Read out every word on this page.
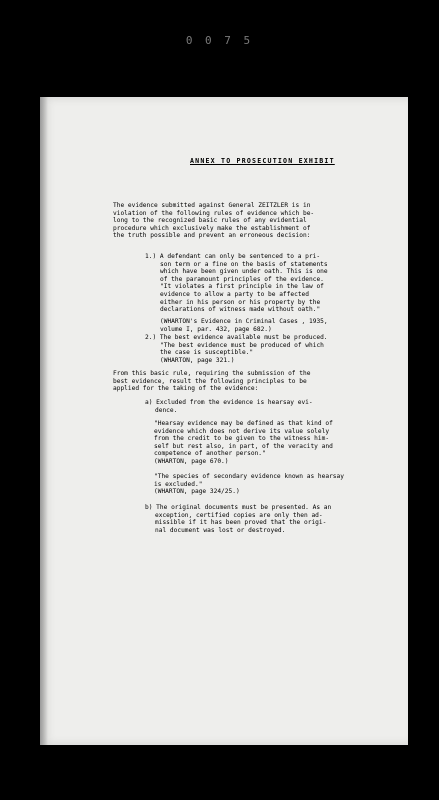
0 0 7 5
ANNEX TO PROSECUTION EXHIBIT
The evidence submitted against General ZEITZLER is in
violation of the following rules of evidence which be-
long to the recognized basic rules of any evidential
procedure which exclusively make the establishment of
the truth possible and prevent an erroneous decision:
1.) A defendant can only be sentenced to a pri-
son term or a fine on the basis of statements
which have been given under oath. This is one
of the paramount principles of the evidence.
"It violates a first principle in the law of
evidence to allow a party to be affected
either in his person or his property by the
declarations of witness made without oath."
(WHARTON's Evidence in Criminal Cases , 1935,
volume I, par. 432, page 682.)
2.) The best evidence available must be produced.
"The best evidence must be produced of which
the case is susceptible."
(WHARTON, page 321.)
From this basic rule, requiring the submission of the
best evidence, result the following principles to be
applied for the taking of the evidence:
a) Excluded from the evidence is hearsay evi-
dence.
"Hearsay evidence may be defined as that kind of
evidence which does not derive its value solely
from the credit to be given to the witness him-
self but rest also, in part, of the veracity and
competence of another person."
(WHARTON, page 670.)
"The species of secondary evidence known as hearsay
is excluded."
(WHARTON, page 324/25.)
b) The original documents must be presented. As an
exception, certified copies are only then ad-
missible if it has been proved that the origi-
nal document was lost or destroyed.
